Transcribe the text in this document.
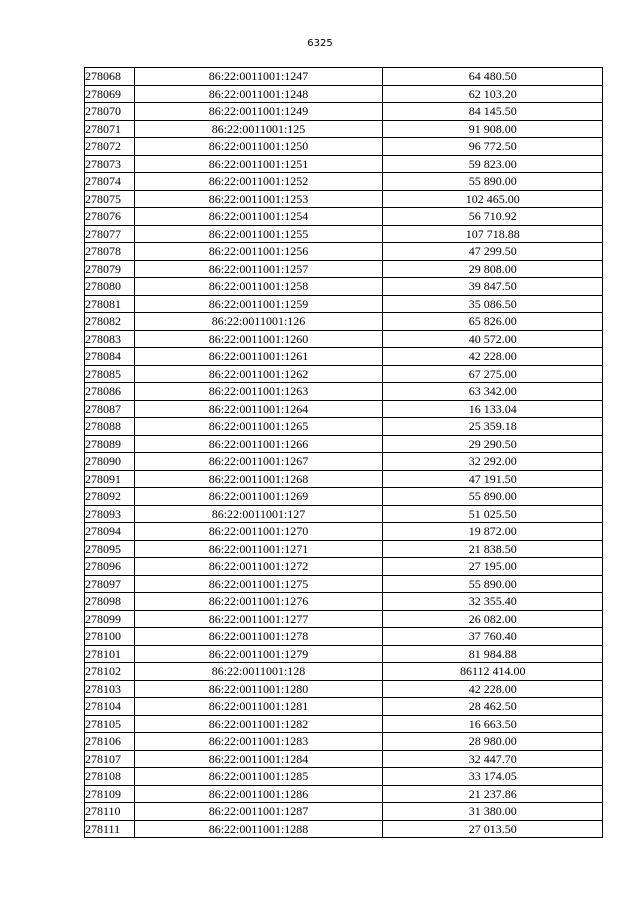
6325
278068	86:22:0011001:1247	64 480.50
278069	86:22:0011001:1248	62 103.20
278070	86:22:0011001:1249	84 145.50
278071	86:22:0011001:125	91 908.00
278072	86:22:0011001:1250	96 772.50
278073	86:22:0011001:1251	59 823.00
278074	86:22:0011001:1252	55 890.00
278075	86:22:0011001:1253	102 465.00
278076	86:22:0011001:1254	56 710.92
278077	86:22:0011001:1255	107 718.88
278078	86:22:0011001:1256	47 299.50
278079	86:22:0011001:1257	29 808.00
278080	86:22:0011001:1258	39 847.50
278081	86:22:0011001:1259	35 086.50
278082	86:22:0011001:126	65 826.00
278083	86:22:0011001:1260	40 572.00
278084	86:22:0011001:1261	42 228.00
278085	86:22:0011001:1262	67 275.00
278086	86:22:0011001:1263	63 342.00
278087	86:22:0011001:1264	16 133.04
278088	86:22:0011001:1265	25 359.18
278089	86:22:0011001:1266	29 290.50
278090	86:22:0011001:1267	32 292.00
278091	86:22:0011001:1268	47 191.50
278092	86:22:0011001:1269	55 890.00
278093	86:22:0011001:127	51 025.50
278094	86:22:0011001:1270	19 872.00
278095	86:22:0011001:1271	21 838.50
278096	86:22:0011001:1272	27 195.00
278097	86:22:0011001:1275	55 890.00
278098	86:22:0011001:1276	32 355.40
278099	86:22:0011001:1277	26 082.00
278100	86:22:0011001:1278	37 760.40
278101	86:22:0011001:1279	81 984.88
278102	86:22:0011001:128	86112 414.00
278103	86:22:0011001:1280	42 228.00
278104	86:22:0011001:1281	28 462.50
278105	86:22:0011001:1282	16 663.50
278106	86:22:0011001:1283	28 980.00
278107	86:22:0011001:1284	32 447.70
278108	86:22:0011001:1285	33 174.05
278109	86:22:0011001:1286	21 237.86
278110	86:22:0011001:1287	31 380.00
278111	86:22:0011001:1288	27 013.50
